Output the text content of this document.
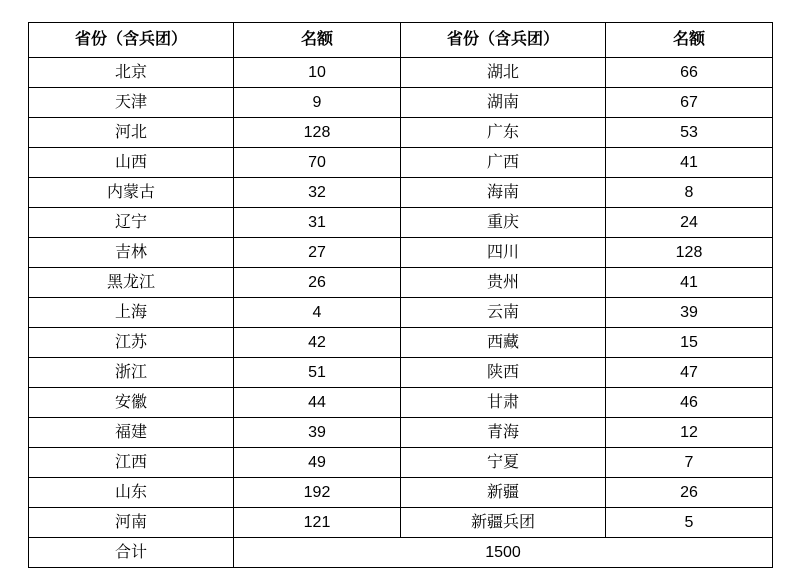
省份（含兵团）	名额	省份（含兵团）	名额
北京	10	湖北	66
天津	9	湖南	67
河北	128	广东	53
山西	70	广西	41
内蒙古	32	海南	8
辽宁	31	重庆	24
吉林	27	四川	128
黑龙江	26	贵州	41
上海	4	云南	39
江苏	42	西藏	15
浙江	51	陕西	47
安徽	44	甘肃	46
福建	39	青海	12
江西	49	宁夏	7
山东	192	新疆	26
河南	121	新疆兵团	5
合计	1500		
